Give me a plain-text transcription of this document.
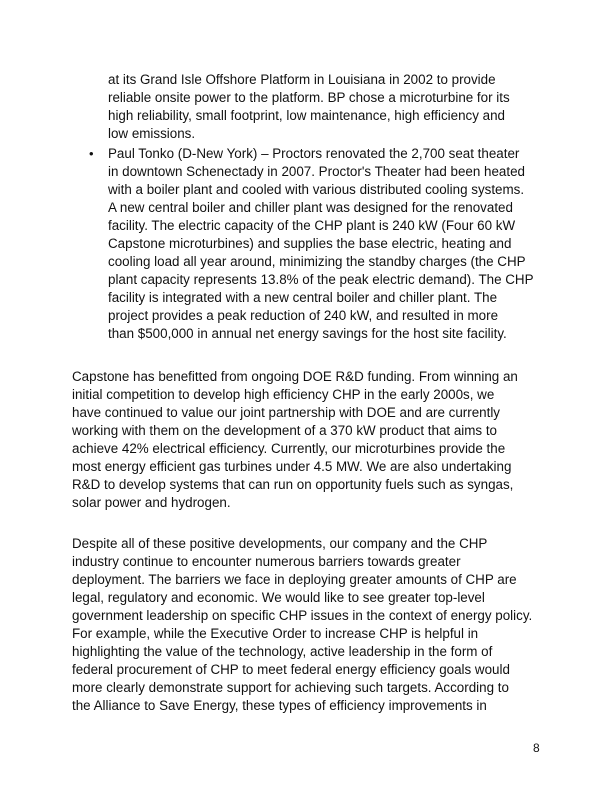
at its Grand Isle Offshore Platform in Louisiana in 2002 to provide
reliable onsite power to the platform. BP chose a microturbine for its
high reliability, small footprint, low maintenance, high efficiency and
low emissions.
• Paul Tonko (D-New York) – Proctors renovated the 2,700 seat theater
in downtown Schenectady in 2007. Proctor's Theater had been heated
with a boiler plant and cooled with various distributed cooling systems.
A new central boiler and chiller plant was designed for the renovated
facility. The electric capacity of the CHP plant is 240 kW (Four 60 kW
Capstone microturbines) and supplies the base electric, heating and
cooling load all year around, minimizing the standby charges (the CHP
plant capacity represents 13.8% of the peak electric demand). The CHP
facility is integrated with a new central boiler and chiller plant. The
project provides a peak reduction of 240 kW, and resulted in more
than $500,000 in annual net energy savings for the host site facility.
Capstone has benefitted from ongoing DOE R&D funding. From winning an
initial competition to develop high efficiency CHP in the early 2000s, we
have continued to value our joint partnership with DOE and are currently
working with them on the development of a 370 kW product that aims to
achieve 42% electrical efficiency. Currently, our microturbines provide the
most energy efficient gas turbines under 4.5 MW. We are also undertaking
R&D to develop systems that can run on opportunity fuels such as syngas,
solar power and hydrogen.
Despite all of these positive developments, our company and the CHP
industry continue to encounter numerous barriers towards greater
deployment. The barriers we face in deploying greater amounts of CHP are
legal, regulatory and economic. We would like to see greater top-level
government leadership on specific CHP issues in the context of energy policy.
For example, while the Executive Order to increase CHP is helpful in
highlighting the value of the technology, active leadership in the form of
federal procurement of CHP to meet federal energy efficiency goals would
more clearly demonstrate support for achieving such targets. According to
the Alliance to Save Energy, these types of efficiency improvements in
8
